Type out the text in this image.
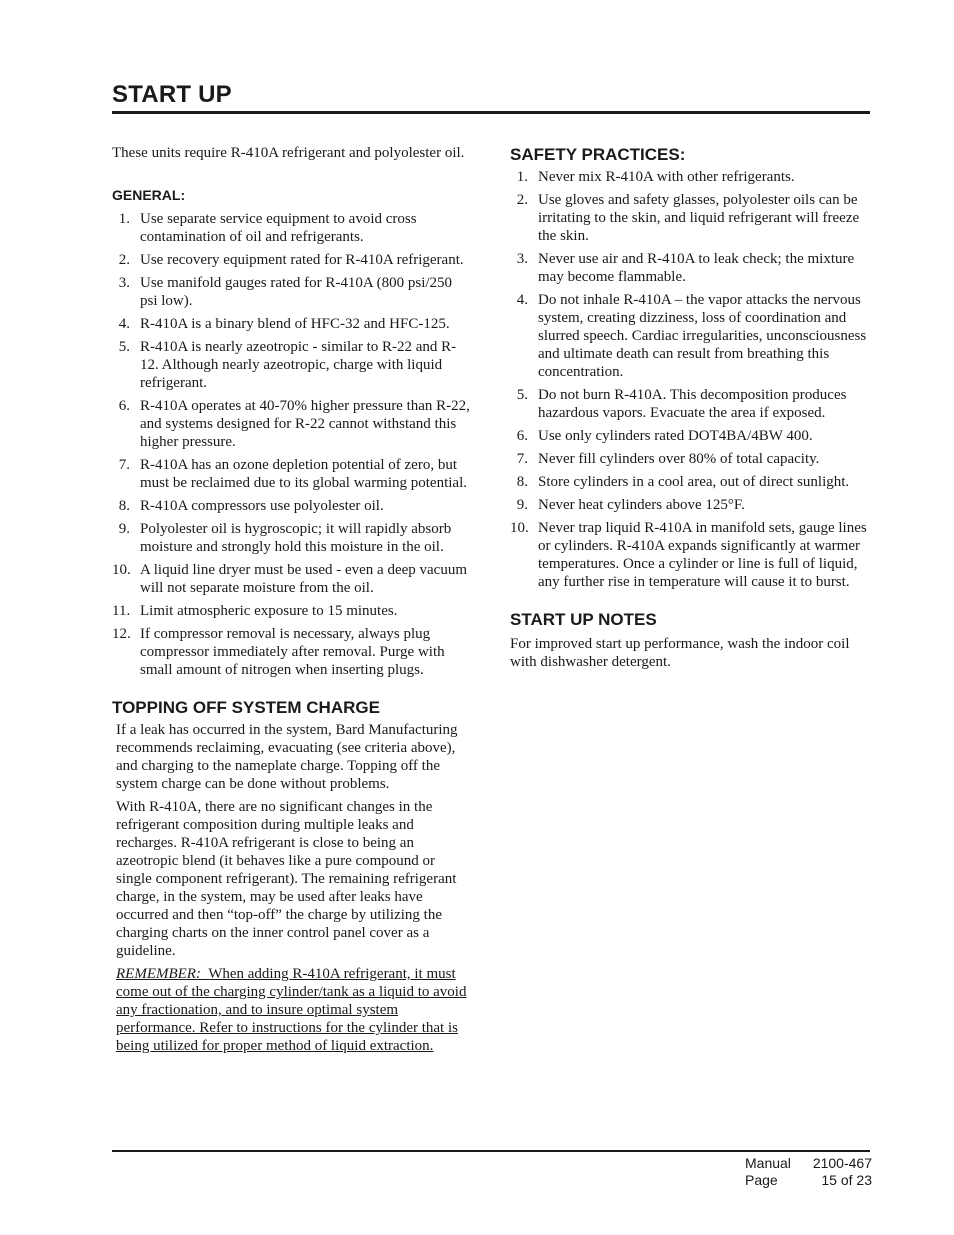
START UP

These units require R-410A refrigerant and polyolester oil.

GENERAL:
1 . Use separate service equipment to avoid cross contamination of oil and refrigerants.
2 . Use recovery equipment rated for R-410A refrigerant.
3 . Use manifold gauges rated for R-410A (800 psi/250 psi low).
4 . R-410A is a binary blend of HFC-32 and HFC-125.
5 . R-410A is nearly azeotropic - similar to R-22 and R-12. Although nearly azeotropic, charge with liquid refrigerant.
6 . R-410A operates at 40-70% higher pressure than R-22, and systems designed for R-22 cannot withstand this higher pressure.
7 . R-410A has an ozone depletion potential of zero, but must be reclaimed due to its global warming potential.
8 . R-410A compressors use polyolester oil.
9 . Polyolester oil is hygroscopic; it will rapidly absorb moisture and strongly hold this moisture in the oil.
10 . A liquid line dryer must be used - even a deep vacuum will not separate moisture from the oil.
11 . Limit atmospheric exposure to 15 minutes.
12 . If compressor removal is necessary, always plug compressor immediately after removal. Purge with small amount of nitrogen when inserting plugs.
TOPPING OFF SYSTEM CHARGE

If a leak has occurred in the system, Bard Manufacturing recommends reclaiming, evacuating (see criteria above), and charging to the nameplate charge. Topping off the system charge can be done without problems.

With R-410A, there are no significant changes in the refrigerant composition during multiple leaks and recharges. R-410A refrigerant is close to being an azeotropic blend (it behaves like a pure compound or single component refrigerant). The remaining refrigerant charge, in the system, may be used after leaks have occurred and then “top-off” the charge by utilizing the charging charts on the inner control panel cover as a guideline.

REMEMBER: When adding R-410A refrigerant, it must come out of the charging cylinder/tank as a liquid to avoid any fractionation, and to insure optimal system performance. Refer to instructions for the cylinder that is being utilized for proper method of liquid extraction.

SAFETY PRACTICES:
1 . Never mix R-410A with other refrigerants.
2 . Use gloves and safety glasses, polyolester oils can be irritating to the skin, and liquid refrigerant will freeze the skin.
3 . Never use air and R-410A to leak check; the mixture may become flammable.
4 . Do not inhale R-410A – the vapor attacks the nervous system, creating dizziness, loss of coordination and slurred speech. Cardiac irregularities, unconsciousness and ultimate death can result from breathing this concentration.
5 . Do not burn R-410A. This decomposition produces hazardous vapors. Evacuate the area if exposed.
6 . Use only cylinders rated DOT4BA/4BW 400.
7 . Never fill cylinders over 80% of total capacity.
8 . Store cylinders in a cool area, out of direct sunlight.
9 . Never heat cylinders above 125°F.
10 . Never trap liquid R-410A in manifold sets, gauge lines or cylinders. R-410A expands significantly at warmer temperatures. Once a cylinder or line is full of liquid, any further rise in temperature will cause it to burst.
START UP NOTES

For improved start up performance, wash the indoor coil with dishwasher detergent.

Manual	2100-467
Page	15 of 23
